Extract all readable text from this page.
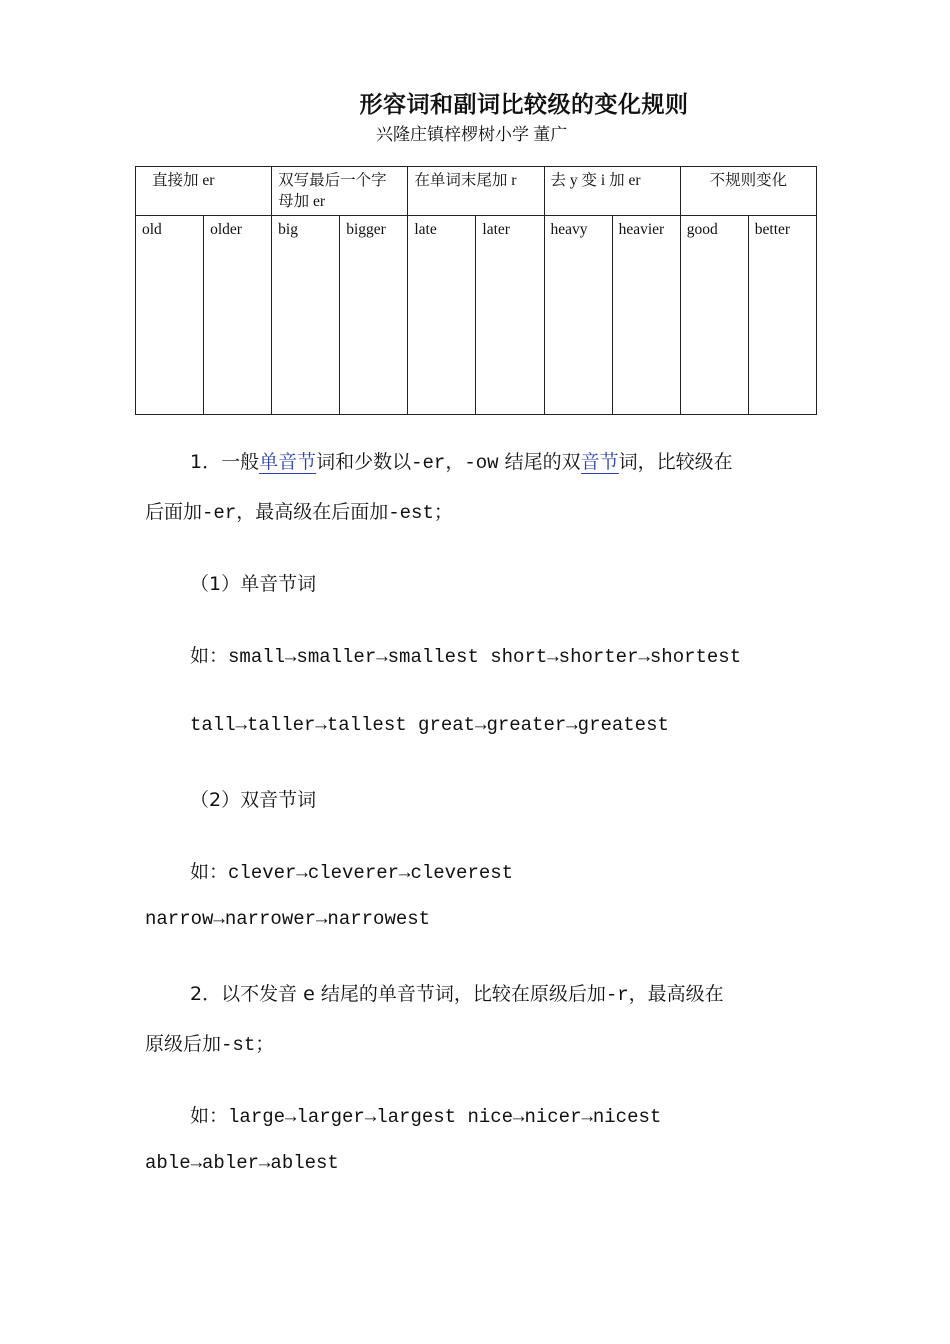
形容词和副词比较级的变化规则
兴隆庄镇梓椤树小学 董广
直接加 er		双写最后一个字母加 er		在单词末尾加 r		去 y 变 i 加 er		不规则变化	
old	older	big	bigger	late	later	heavy	heavier	good	better
1．一般单音节词和少数以-er，-ow 结尾的双音节词，比较级在
后面加-er，最高级在后面加-est；
（1）单音节词
如：small→smaller→smallest short→shorter→shortest
tall→taller→tallest great→greater→greatest
（2）双音节词
如：clever→cleverer→cleverest
narrow→narrower→narrowest
2．以不发音 e 结尾的单音节词，比较在原级后加-r，最高级在
原级后加-st；
如：large→larger→largest nice→nicer→nicest
able→abler→ablest
